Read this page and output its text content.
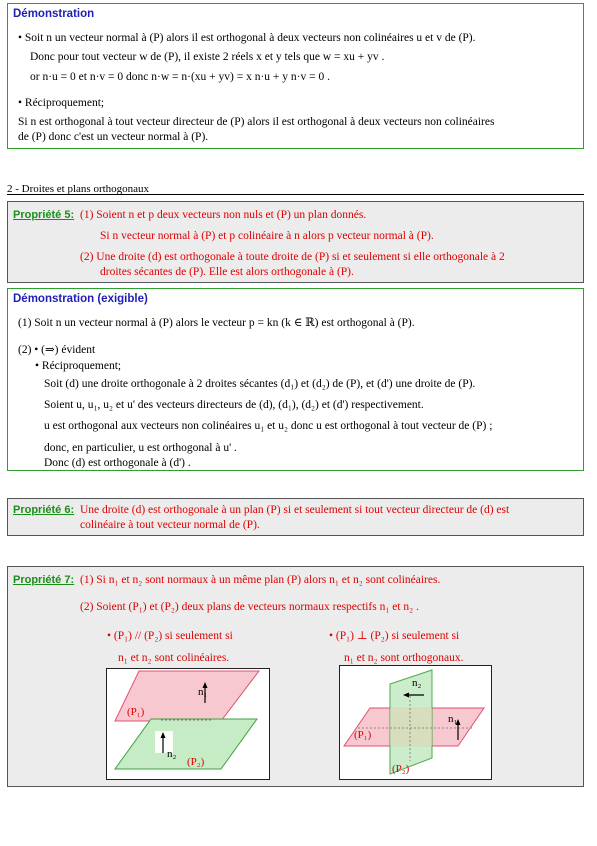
Démonstration
• Soit n un vecteur normal à (P) alors il est orthogonal à deux vecteurs non colinéaires u et v de (P).
Donc pour tout vecteur w de (P), il existe 2 réels x et y tels que w = xu + yv .
or n·u = 0 et n·v = 0 donc n·w = n·(xu + yv) = x n·u + y n·v = 0 .
• Réciproquement;
Si n est orthogonal à tout vecteur directeur de (P) alors il est orthogonal à deux vecteurs non colinéaires
de (P) donc c'est un vecteur normal à (P).
2 - Droites et plans orthogonaux
Propriété 5: (1) Soient n et p deux vecteurs non nuls et (P) un plan donnés.
Si n vecteur normal à (P) et p colinéaire à n alors p vecteur normal à (P).
(2) Une droite (d) est orthogonale à toute droite de (P) si et seulement si elle orthogonale à 2
droites sécantes de (P). Elle est alors orthogonale à (P).
Démonstration (exigible)
(1) Soit n un vecteur normal à (P) alors le vecteur p = kn (k ∈ ℝ) est orthogonal à (P).
(2) • (⇒) évident
• Réciproquement;
Soit (d) une droite orthogonale à 2 droites sécantes (d₁) et (d₂) de (P), et (d') une droite de (P).
Soient u, u₁, u₂ et u' des vecteurs directeurs de (d), (d₁), (d₂) et (d') respectivement.
u est orthogonal aux vecteurs non colinéaires u₁ et u₂ donc u est orthogonal à tout vecteur de (P) ;
donc, en particulier, u est orthogonal à u' .
Donc (d) est orthogonale à (d') .
Propriété 6: Une droite (d) est orthogonale à un plan (P) si et seulement si tout vecteur directeur de (d) est
colinéaire à tout vecteur normal de (P).
Propriété 7: (1) Si n₁ et n₂ sont normaux à un même plan (P) alors n₁ et n₂ sont colinéaires.
(2) Soient (P₁) et (P₂) deux plans de vecteurs normaux respectifs n₁ et n₂ .
• (P₁) // (P₂) si seulement si
n₁ et n₂ sont colinéaires.
• (P₁) ⊥ (P₂) si seulement si
n₁ et n₂ sont orthogonaux.
n₁
n₂
(P₁)
(P₂)
n₁
n₂
(P₁)
(P₂)
